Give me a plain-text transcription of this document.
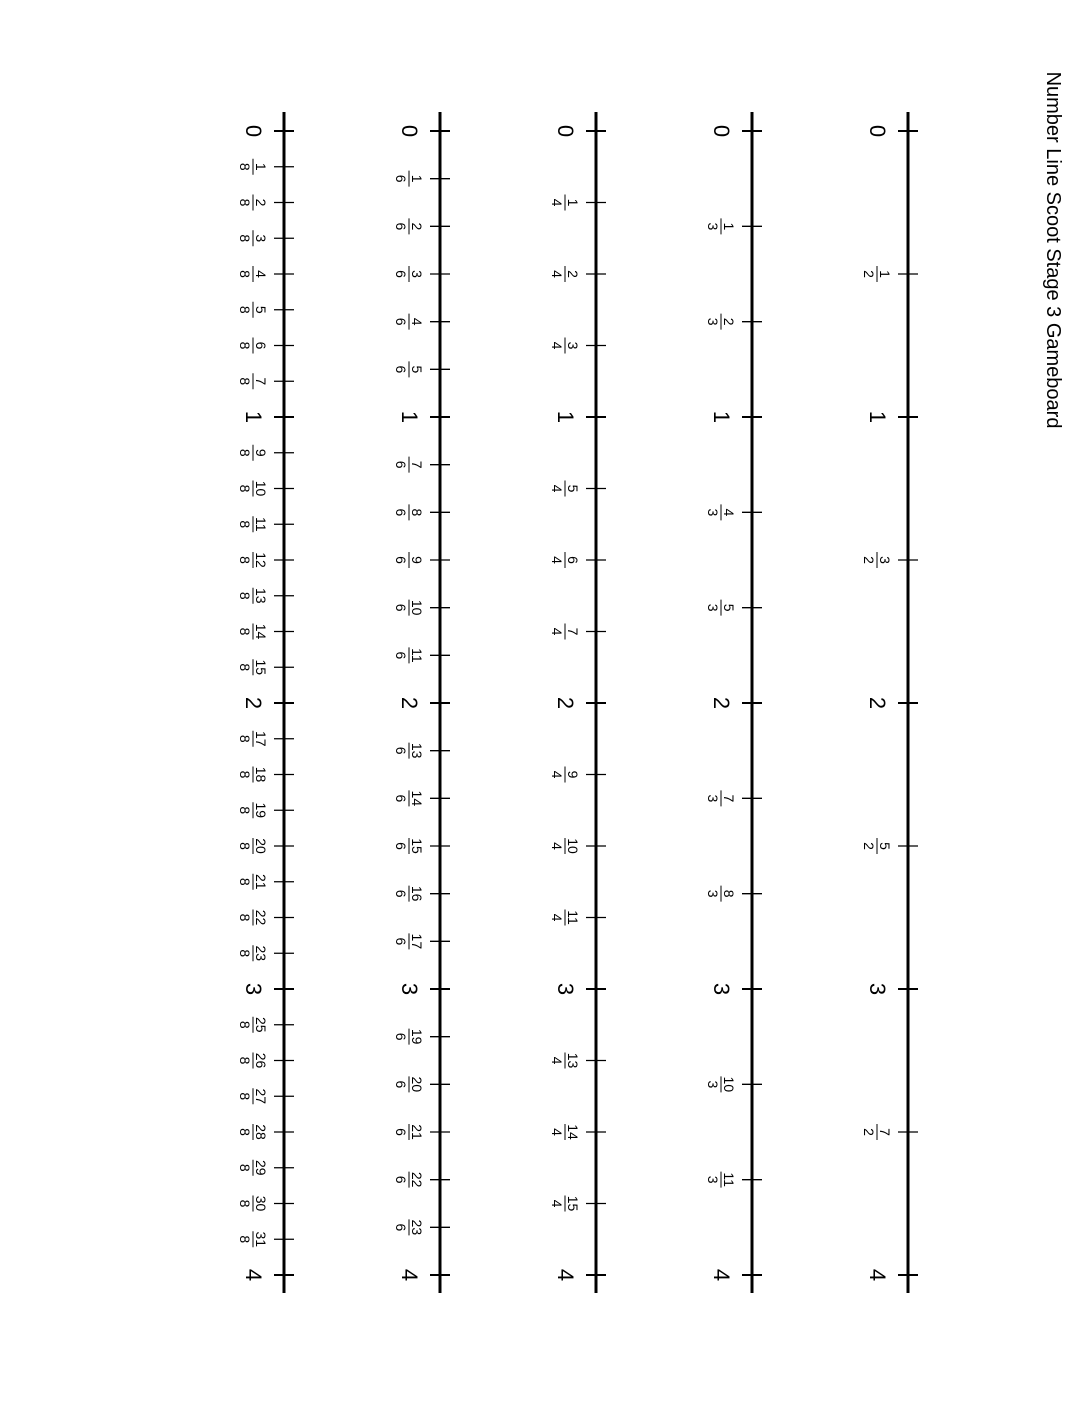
Number Line Scoot Stage 3 Gameboard
0
1
2
1
3
2
2
5
2
3
7
2
4
0
1
3
2
3
1
4
3
5
3
2
7
3
8
3
3
10
3
11
3
4
0
1
4
2
4
3
4
1
5
4
6
4
7
4
2
9
4
10
4
11
4
3
13
4
14
4
15
4
4
0
1
6
2
6
3
6
4
6
5
6
1
7
6
8
6
9
6
10
6
11
6
2
13
6
14
6
15
6
16
6
17
6
3
19
6
20
6
21
6
22
6
23
6
4
0
1
8
2
8
3
8
4
8
5
8
6
8
7
8
1
9
8
10
8
11
8
12
8
13
8
14
8
15
8
2
17
8
18
8
19
8
20
8
21
8
22
8
23
8
3
25
8
26
8
27
8
28
8
29
8
30
8
31
8
4
